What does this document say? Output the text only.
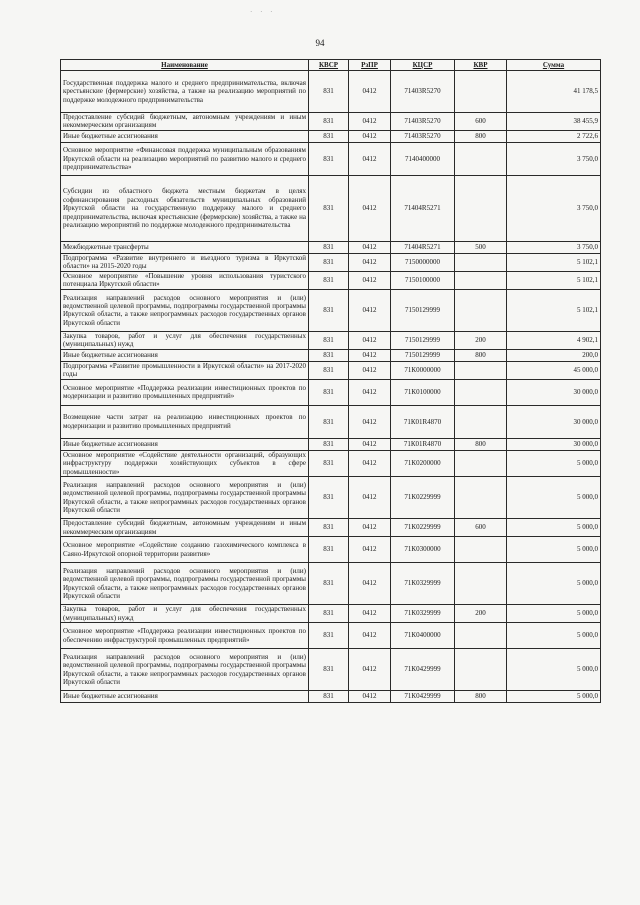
· · ·
94
Наименование	КВСР	РзПР	КЦСР	КВР	Сумма
Государственная поддержка малого и среднего предпринимательства, включая крестьянские (фермерские) хозяйства, а также на реализацию мероприятий по поддержке молодежного предпринимательства	831	0412	71403R5270		41 178,5
Предоставление субсидий бюджетным, автономным учреждениям и иным некоммерческим организациям	831	0412	71403R5270	600	38 455,9
Иные бюджетные ассигнования	831	0412	71403R5270	800	2 722,6
Основное мероприятие «Финансовая поддержка муниципальным образованиям Иркутской области на реализацию мероприятий по развитию малого и среднего предпринимательства»	831	0412	7140400000		3 750,0
Субсидии из областного бюджета местным бюджетам в целях софинансирования расходных обязательств муниципальных образований Иркутской области на государственную поддержку малого и среднего предпринимательства, включая крестьянские (фермерские) хозяйства, а также на реализацию мероприятий по поддержке молодежного предпринимательства	831	0412	71404R5271		3 750,0
Межбюджетные трансферты	831	0412	71404R5271	500	3 750,0
Подпрограмма «Развитие внутреннего и въездного туризма в Иркутской области» на 2015-2020 годы	831	0412	7150000000		5 102,1
Основное мероприятие «Повышение уровня использования туристского потенциала Иркутской области»	831	0412	7150100000		5 102,1
Реализация направлений расходов основного мероприятия и (или) ведомственной целевой программы, подпрограммы государственной программы Иркутской области, а также непрограммных расходов государственных органов Иркутской области	831	0412	7150129999		5 102,1
Закупка товаров, работ и услуг для обеспечения государственных (муниципальных) нужд	831	0412	7150129999	200	4 902,1
Иные бюджетные ассигнования	831	0412	7150129999	800	200,0
Подпрограмма «Развитие промышленности в Иркутской области» на 2017-2020 годы	831	0412	71К0000000		45 000,0
Основное мероприятие «Поддержка реализации инвестиционных проектов по модернизации и развитию промышленных предприятий»	831	0412	71К0100000		30 000,0
Возмещение части затрат на реализацию инвестиционных проектов по модернизации и развитию промышленных предприятий	831	0412	71К01R4870		30 000,0
Иные бюджетные ассигнования	831	0412	71К01R4870	800	30 000,0
Основное мероприятие «Содействие деятельности организаций, образующих инфраструктуру поддержки хозяйствующих субъектов в сфере промышленности»	831	0412	71К0200000		5 000,0
Реализация направлений расходов основного мероприятия и (или) ведомственной целевой программы, подпрограммы государственной программы Иркутской области, а также непрограммных расходов государственных органов Иркутской области	831	0412	71К0229999		5 000,0
Предоставление субсидий бюджетным, автономным учреждениям и иным некоммерческим организациям	831	0412	71К0229999	600	5 000,0
Основное мероприятие «Содействие созданию газохимического комплекса в Саяно-Иркутской опорной территории развития»	831	0412	71К0300000		5 000,0
Реализация направлений расходов основного мероприятия и (или) ведомственной целевой программы, подпрограммы государственной программы Иркутской области, а также непрограммных расходов государственных органов Иркутской области	831	0412	71К0329999		5 000,0
Закупка товаров, работ и услуг для обеспечения государственных (муниципальных) нужд	831	0412	71К0329999	200	5 000,0
Основное мероприятие «Поддержка реализации инвестиционных проектов по обеспечению инфраструктурой промышленных предприятий»	831	0412	71К0400000		5 000,0
Реализация направлений расходов основного мероприятия и (или) ведомственной целевой программы, подпрограммы государственной программы Иркутской области, а также непрограммных расходов государственных органов Иркутской области	831	0412	71К0429999		5 000,0
Иные бюджетные ассигнования	831	0412	71К0429999	800	5 000,0
